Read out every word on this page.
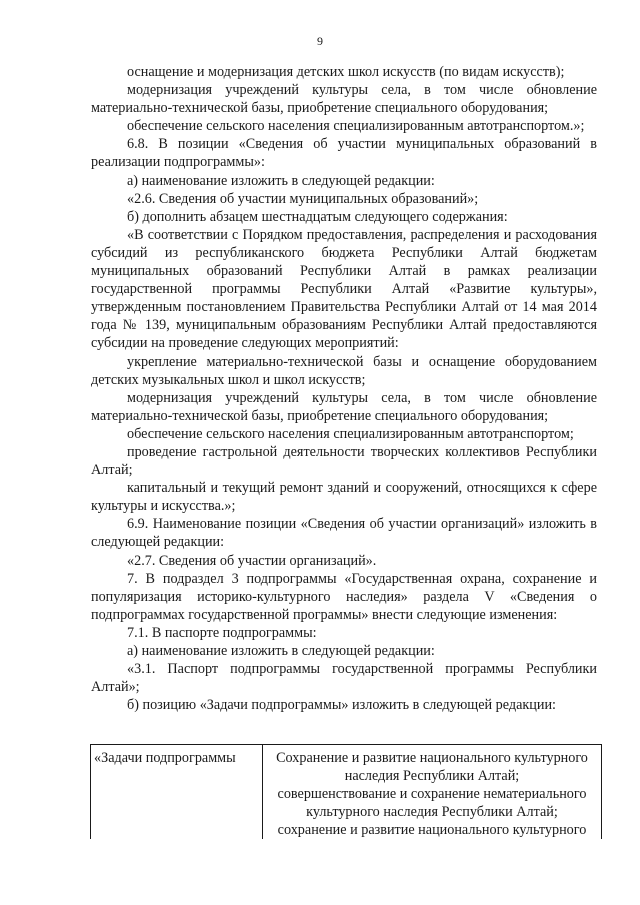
9

оснащение и модернизация детских школ искусств (по видам искусств);

модернизация учреждений культуры села, в том числе обновление материально-технической базы, приобретение специального оборудования;

обеспечение сельского населения специализированным автотранспортом.»;

6.8. В позиции «Сведения об участии муниципальных образований в реализации подпрограммы»:

а) наименование изложить в следующей редакции:

«2.6. Сведения об участии муниципальных образований»;

б) дополнить абзацем шестнадцатым следующего содержания:

«В соответствии с Порядком предоставления, распределения и расходования субсидий из республиканского бюджета Республики Алтай бюджетам муниципальных образований Республики Алтай в рамках реализации государственной программы Республики Алтай «Развитие культуры», утвержденным постановлением Правительства Республики Алтай от 14 мая 2014 года № 139, муниципальным образованиям Республики Алтай предоставляются субсидии на проведение следующих мероприятий:

укрепление материально-технической базы и оснащение оборудованием детских музыкальных школ и школ искусств;

модернизация учреждений культуры села, в том числе обновление материально-технической базы, приобретение специального оборудования;

обеспечение сельского населения специализированным автотранспортом;

проведение гастрольной деятельности творческих коллективов Республики Алтай;

капитальный и текущий ремонт зданий и сооружений, относящихся к сфере культуры и искусства.»;

6.9. Наименование позиции «Сведения об участии организаций» изложить в следующей редакции:

«2.7. Сведения об участии организаций».

7. В подраздел 3 подпрограммы «Государственная охрана, сохранение и популяризация историко-культурного наследия» раздела V «Сведения о подпрограммах государственной программы» внести следующие изменения:

7.1. В паспорте подпрограммы:

а) наименование изложить в следующей редакции:

«3.1. Паспорт подпрограммы государственной программы Республики Алтай»;

б) позицию «Задачи подпрограммы» изложить в следующей редакции:

«Задачи подпрограммы	Сохранение и развитие национального культурного наследия Республики Алтай;
совершенствование и сохранение нематериального культурного наследия Республики Алтай;
сохранение и развитие национального культурного
